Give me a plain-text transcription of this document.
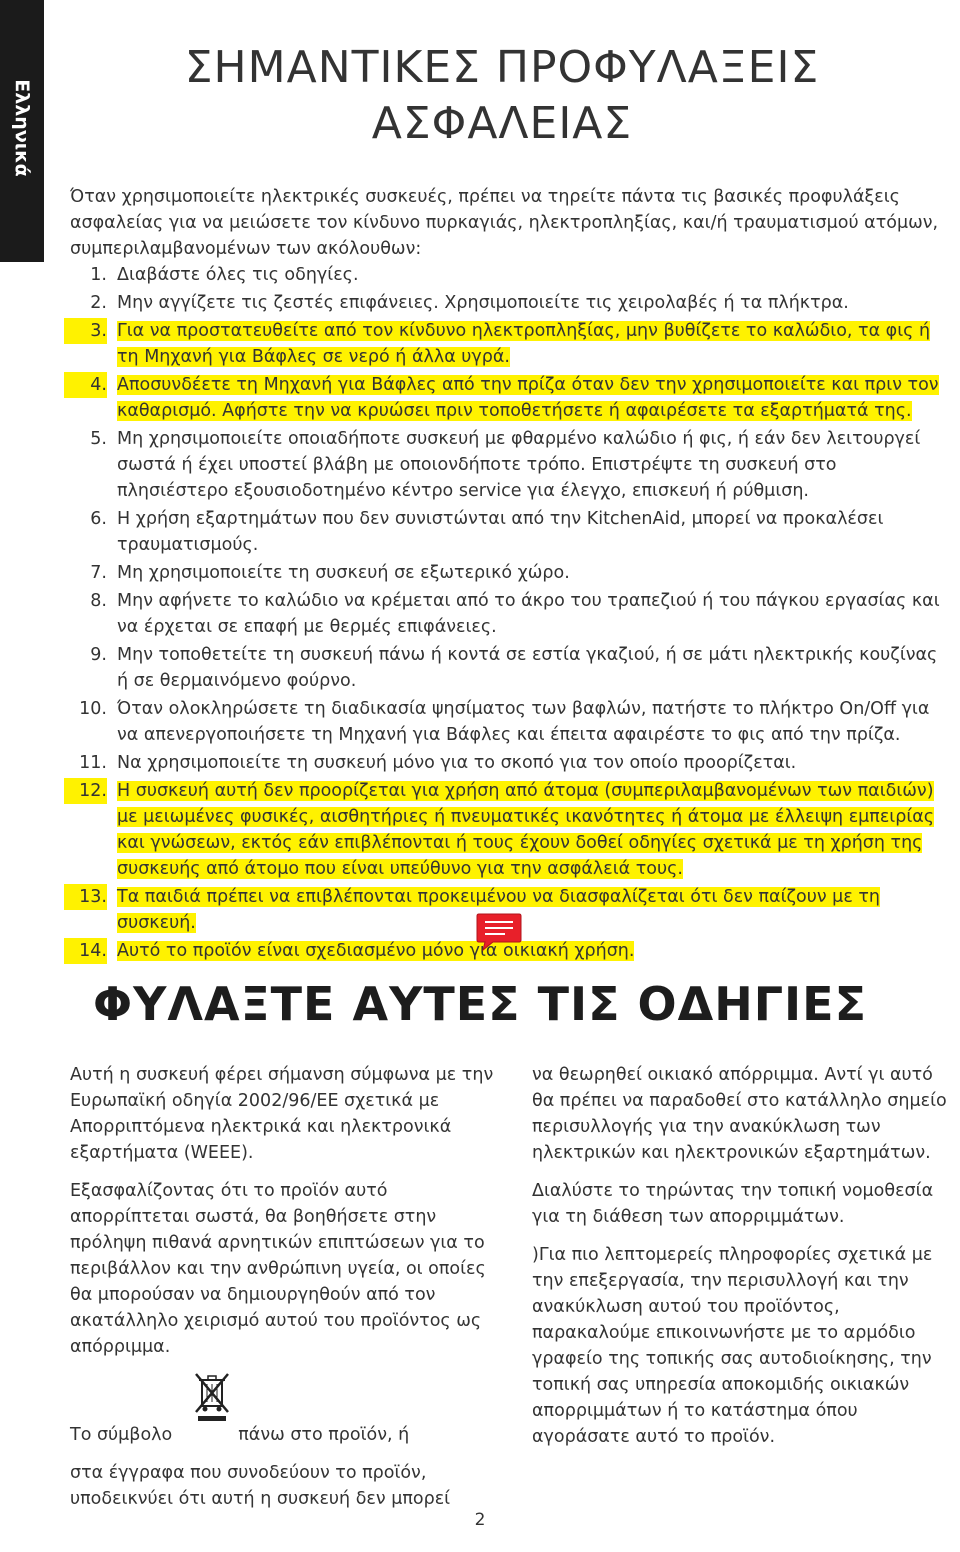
Ελληνικά
ΣΗΜΑΝΤΙΚΕΣ ΠΡΟΦΥΛΑΞΕΙΣ
ΑΣΦΑΛΕΙΑΣ

Όταν χρησιμοποιείτε ηλεκτρικές συσκευές, πρέπει να τηρείτε πάντα τις βασικές προφυλάξεις ασφαλείας για να μειώσετε τον κίνδυνο πυρκαγιάς, ηλεκτροπληξίας, και/ή τραυματισμού ατόμων, συμπεριλαμβανομένων των ακόλουθων:

1. Διαβάστε όλες τις οδηγίες.
2. Μην αγγίζετε τις ζεστές επιφάνειες. Χρησιμοποιείτε τις χειρολαβές ή τα πλήκτρα.
3. Για να προστατευθείτε από τον κίνδυνο ηλεκτροπληξίας, μην βυθίζετε το καλώδιο, τα φις ή τη Μηχανή για Βάφλες σε νερό ή άλλα υγρά.
4. Αποσυνδέετε τη Μηχανή για Βάφλες από την πρίζα όταν δεν την χρησιμοποιείτε και πριν τον καθαρισμό. Αφήστε την να κρυώσει πριν τοποθετήσετε ή αφαιρέσετε τα εξαρτήματά της.
5. Μη χρησιμοποιείτε οποιαδήποτε συσκευή με φθαρμένο καλώδιο ή φις, ή εάν δεν λειτουργεί σωστά ή έχει υποστεί βλάβη με οποιονδήποτε τρόπο. Επιστρέψτε τη συσκευή στο πλησιέστερο εξουσιοδοτημένο κέντρο service για έλεγχο, επισκευή ή ρύθμιση.
6. Η χρήση εξαρτημάτων που δεν συνιστώνται από την KitchenAid, μπορεί να προκαλέσει τραυματισμούς.
7. Μη χρησιμοποιείτε τη συσκευή σε εξωτερικό χώρο.
8. Μην αφήνετε το καλώδιο να κρέμεται από το άκρο του τραπεζιού ή του πάγκου εργασίας και να έρχεται σε επαφή με θερμές επιφάνειες.
9. Μην τοποθετείτε τη συσκευή πάνω ή κοντά σε εστία γκαζιού, ή σε μάτι ηλεκτρικής κουζίνας ή σε θερμαινόμενο φούρνο.
10. Όταν ολοκληρώσετε τη διαδικασία ψησίματος των βαφλών, πατήστε το πλήκτρο On/Off για να απενεργοποιήσετε τη Μηχανή για Βάφλες και έπειτα αφαιρέστε το φις από την πρίζα.
11. Να χρησιμοποιείτε τη συσκευή μόνο για το σκοπό για τον οποίο προορίζεται.
12. Η συσκευή αυτή δεν προορίζεται για χρήση από άτομα (συμπεριλαμβανομένων των παιδιών) με μειωμένες φυσικές, αισθητήριες ή πνευματικές ικανότητες ή άτομα με έλλειψη εμπειρίας και γνώσεων, εκτός εάν επιβλέπονται ή τους έχουν δοθεί οδηγίες σχετικά με τη χρήση της συσκευής από άτομο που είναι υπεύθυνο για την ασφάλειά τους.
13. Τα παιδιά πρέπει να επιβλέπονται προκειμένου να διασφαλίζεται ότι δεν παίζουν με τη συσκευή.
14. Αυτό το προϊόν είναι σχεδιασμένο μόνο για οικιακή χρήση.
ΦΥΛΑΞΤΕ ΑΥΤΕΣ ΤΙΣ ΟΔΗΓΙΕΣ

Αυτή η συσκευή φέρει σήμανση σύμφωνα με την Ευρωπαϊκή οδηγία 2002/96/ΕΕ σχετικά με Απορριπτόμενα ηλεκτρικά και ηλεκτρονικά εξαρτήματα (WEEE).

Εξασφαλίζοντας ότι το προϊόν αυτό απορρίπτεται σωστά, θα βοηθήσετε στην πρόληψη πιθανά αρνητικών επιπτώσεων για το περιβάλλον και την ανθρώπινη υγεία, οι οποίες θα μπορούσαν να δημιουργηθούν από τον ακατάλληλο χειρισμό αυτού του προϊόντος ως απόρριμμα.

Το σύμβολο	πάνω στο προϊόν, ή

στα έγγραφα που συνοδεύουν το προϊόν, υποδεικνύει ότι αυτή η συσκευή δεν μπορεί

να θεωρηθεί οικιακό απόρριμμα. Αντί γι αυτό θα πρέπει να παραδοθεί στο κατάλληλο σημείο περισυλλογής για την ανακύκλωση των ηλεκτρικών και ηλεκτρονικών εξαρτημάτων.

Διαλύστε το τηρώντας την τοπική νομοθεσία για τη διάθεση των απορριμμάτων.

)Για πιο λεπτομερείς πληροφορίες σχετικά με την επεξεργασία, την περισυλλογή και την ανακύκλωση αυτού του προϊόντος, παρακαλούμε επικοινωνήστε με το αρμόδιο γραφείο της τοπικής σας αυτοδιοίκησης, την τοπική σας υπηρεσία αποκομιδής οικιακών απορριμμάτων ή το κατάστημα όπου αγοράσατε αυτό το προϊόν.

2
